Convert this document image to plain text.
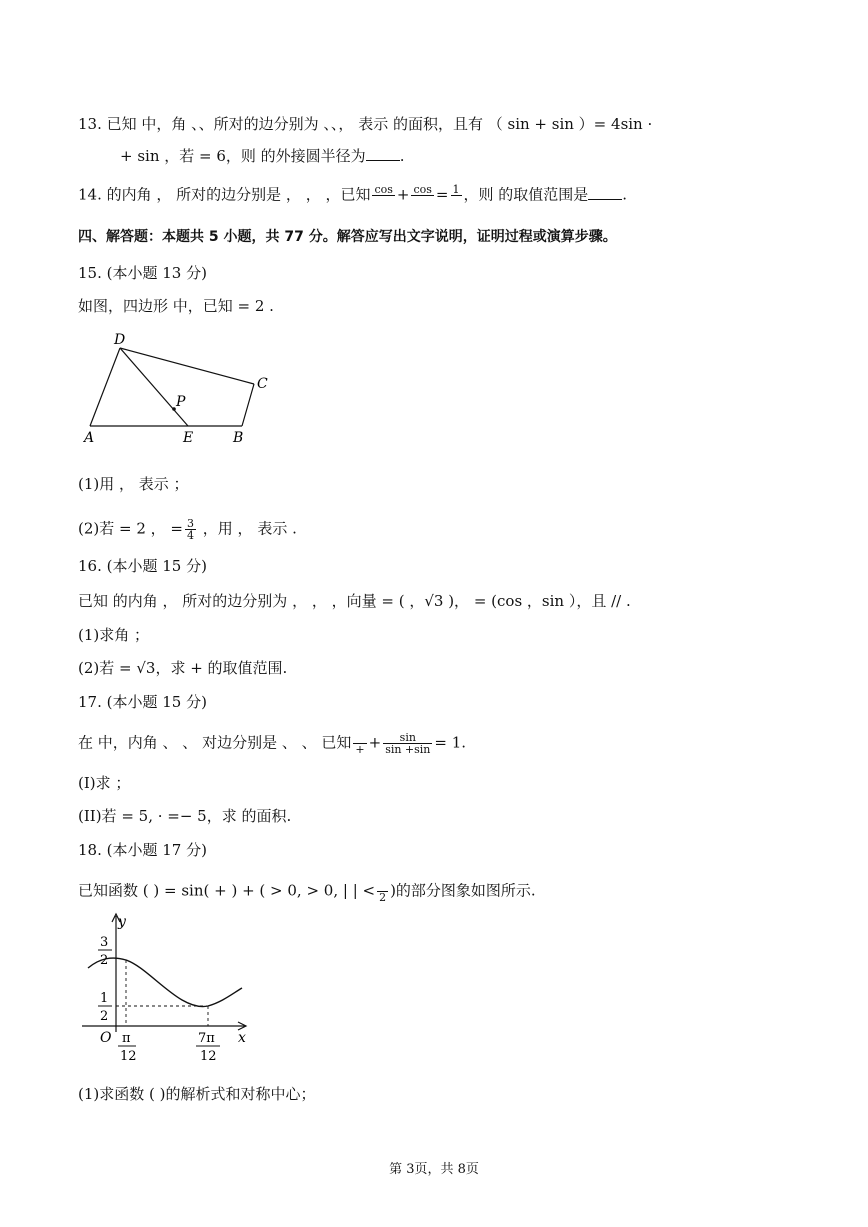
13. 已知 中，角 、、所对的边分别为 、、， 表示 的面积，且有 （ sin + sin ）= 4sin ·
+ sin ，若 = 6，则 的外接圆半径为 .
14. 的内角 ， 所对的边分别是 ， ， ，已知 cos
+ cos
= 1
，则 的取值范围是 .
四、解答题：本题共 5 小题，共 77 分。解答应写出文字说明，证明过程或演算步骤。
15. (本小题 13 分)
如图，四边形 中，已知 = 2 .
D
C
P
A	E	B
(1)用 ， 表示 ；
(2)若 = 2 ， = $\frac{3}{4}$ ，用 ， 表示 .
16. (本小题 15 分)
已知 的内角 ， 所对的边分别为 ， ， ，向量 = ( ，√3 )， = (cos ，sin ），且 // .
(1)求角 ；
(2)若 = √3，求 + 的取值范围.
17. (本小题 15 分)
在 中，内角 、 、 对边分别是 、 、 已知
+ + $\frac{\sin}{\sin +\sin} = 1$.
(I)求 ；
(II)若 = 5, · =− 5，求 的面积.
18. (本小题 17 分)
已知函数 ( ) = sin( + ) + ( > 0, > 0, | | <
2 )的部分图象如图所示.
y
x
O
3
2
1
2
π
12
7π
12
(1)求函数 ( )的解析式和对称中心；
第 3页，共 8页
